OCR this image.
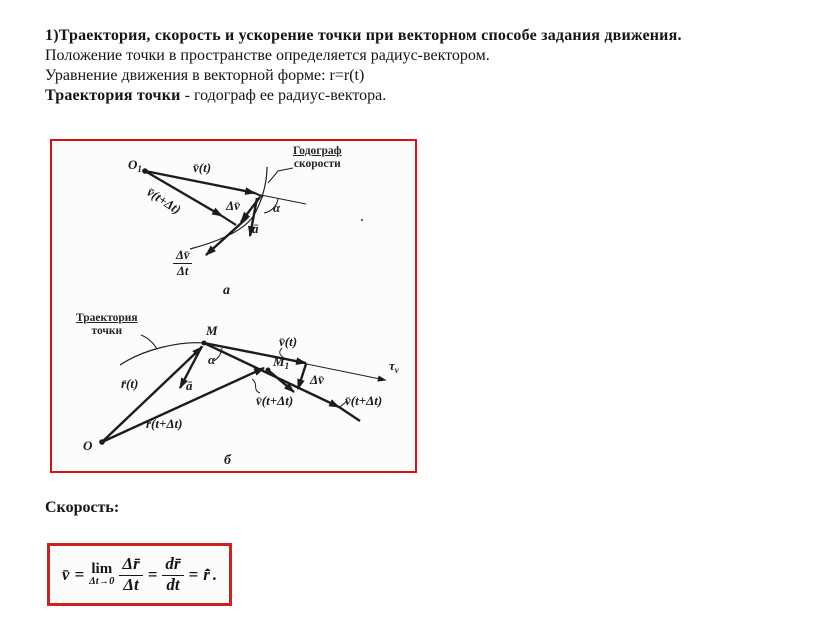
1)Траектория, скорость и ускорение точки при векторном способе задания движения.
Положение точки в пространстве определяется радиус-вектором.
Уравнение движения в векторной форме: r=r(t)
Траектория точки - годограф ее радиус-вектора.
Годограф
скорости
$O_1$	v̄(t)
v̄(t+Δt)	Δv̄	α
ā
$\frac{\Delta v̄}{\Delta t}$
а
Траектория
точки	M
$M_1$
v̄(t)
$\tau_v$
α
ā
r̄(t)
r̄(t+Δt)
Δv̄
v̄(t+Δt)	v̄(t+Δt)
O
б
Скорость:
v̄ = lim
$\Delta t\to 0 \frac{\Delta r̄}{\Delta t} = \frac{dr̄}{dt}$ = r̄̇ .
